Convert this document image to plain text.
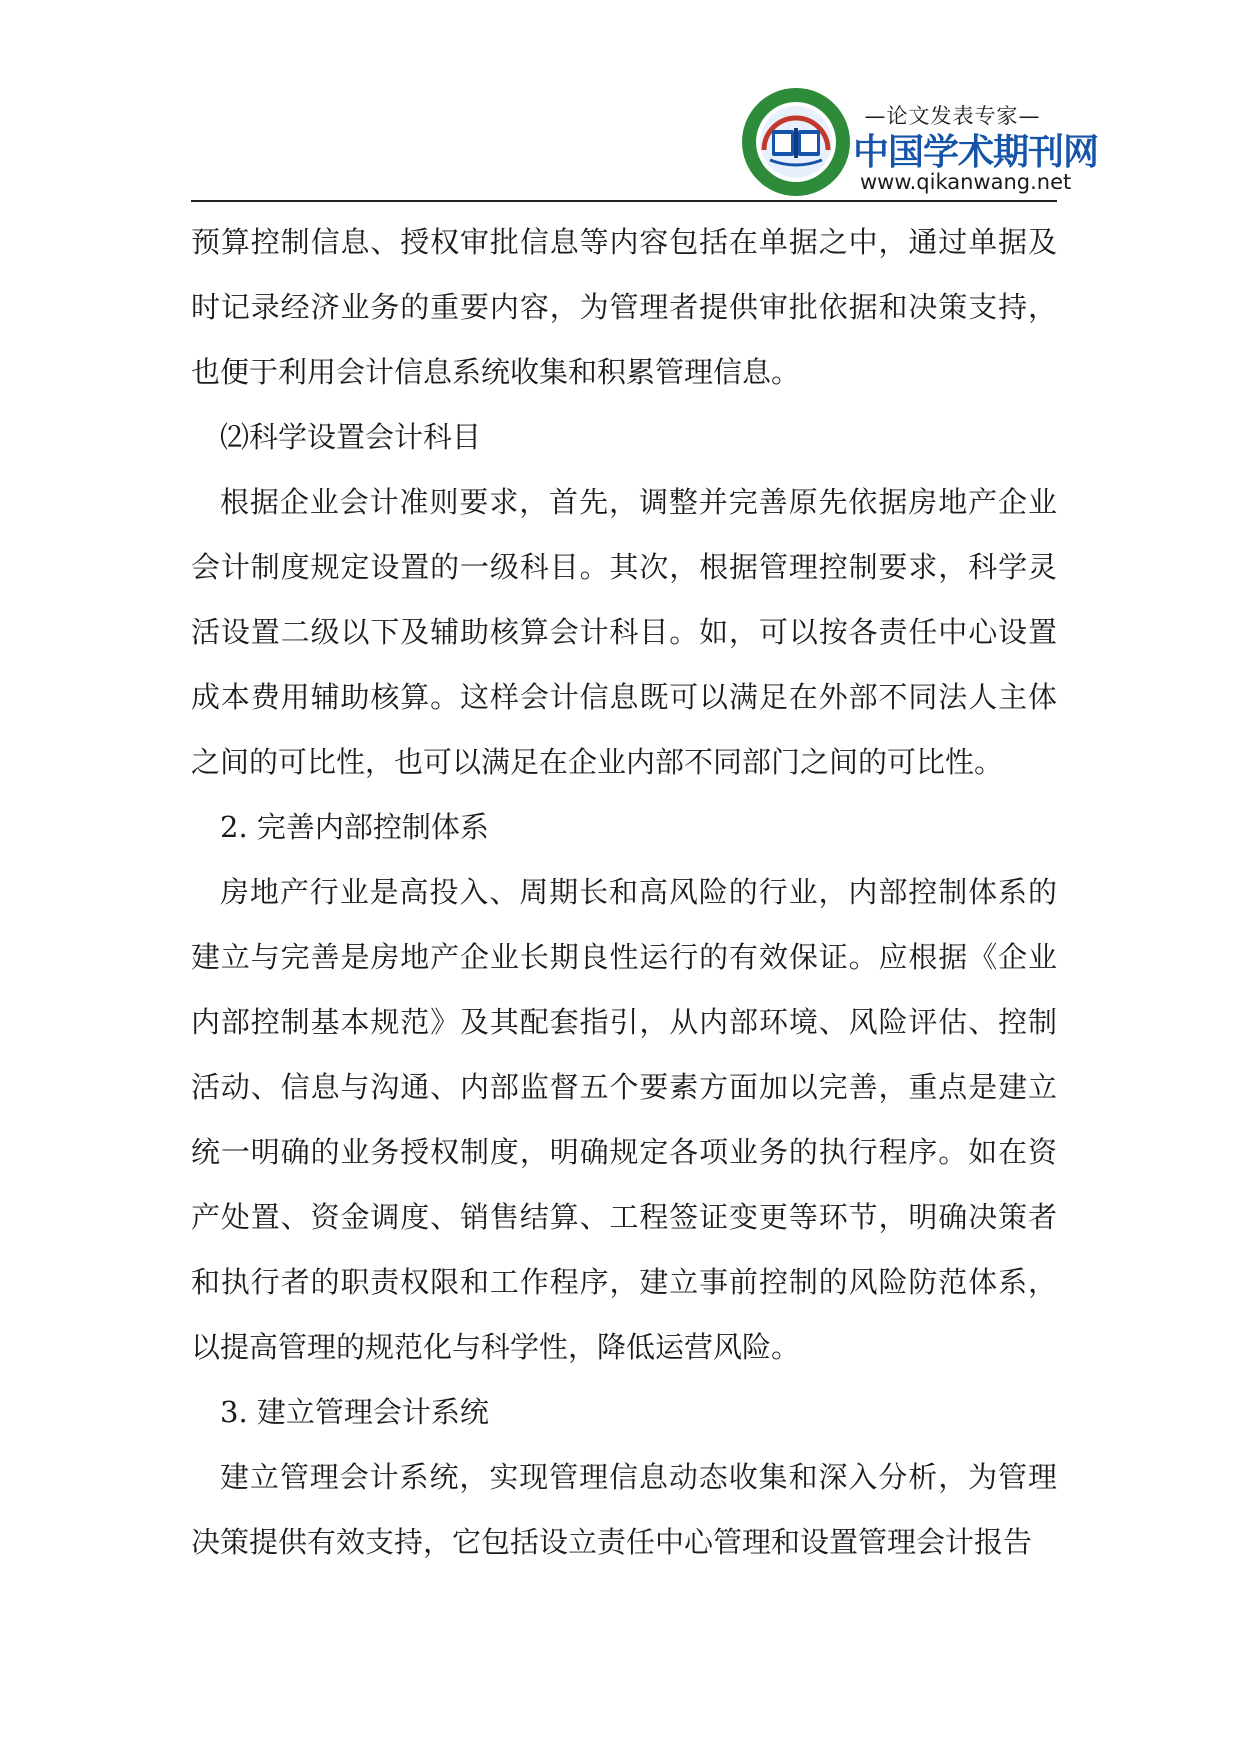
—论文发表专家—
中国学术期刊网
www.qikanwang.net

预算控制信息、授权审批信息等内容包括在单据之中，通过单据及时记录经济业务的重要内容，为管理者提供审批依据和决策支持，也便于利用会计信息系统收集和积累管理信息。

⑵科学设置会计科目

根据企业会计准则要求，首先，调整并完善原先依据房地产企业会计制度规定设置的一级科目。其次，根据管理控制要求，科学灵活设置二级以下及辅助核算会计科目。如，可以按各责任中心设置成本费用辅助核算。这样会计信息既可以满足在外部不同法人主体之间的可比性，也可以满足在企业内部不同部门之间的可比性。

2. 完善内部控制体系

房地产行业是高投入、周期长和高风险的行业，内部控制体系的建立与完善是房地产企业长期良性运行的有效保证。应根据《企业内部控制基本规范》及其配套指引，从内部环境、风险评估、控制活动、信息与沟通、内部监督五个要素方面加以完善，重点是建立统一明确的业务授权制度，明确规定各项业务的执行程序。如在资产处置、资金调度、销售结算、工程签证变更等环节，明确决策者和执行者的职责权限和工作程序，建立事前控制的风险防范体系，以提高管理的规范化与科学性，降低运营风险。

3. 建立管理会计系统

建立管理会计系统，实现管理信息动态收集和深入分析，为管理决策提供有效支持，它包括设立责任中心管理和设置管理会计报告
